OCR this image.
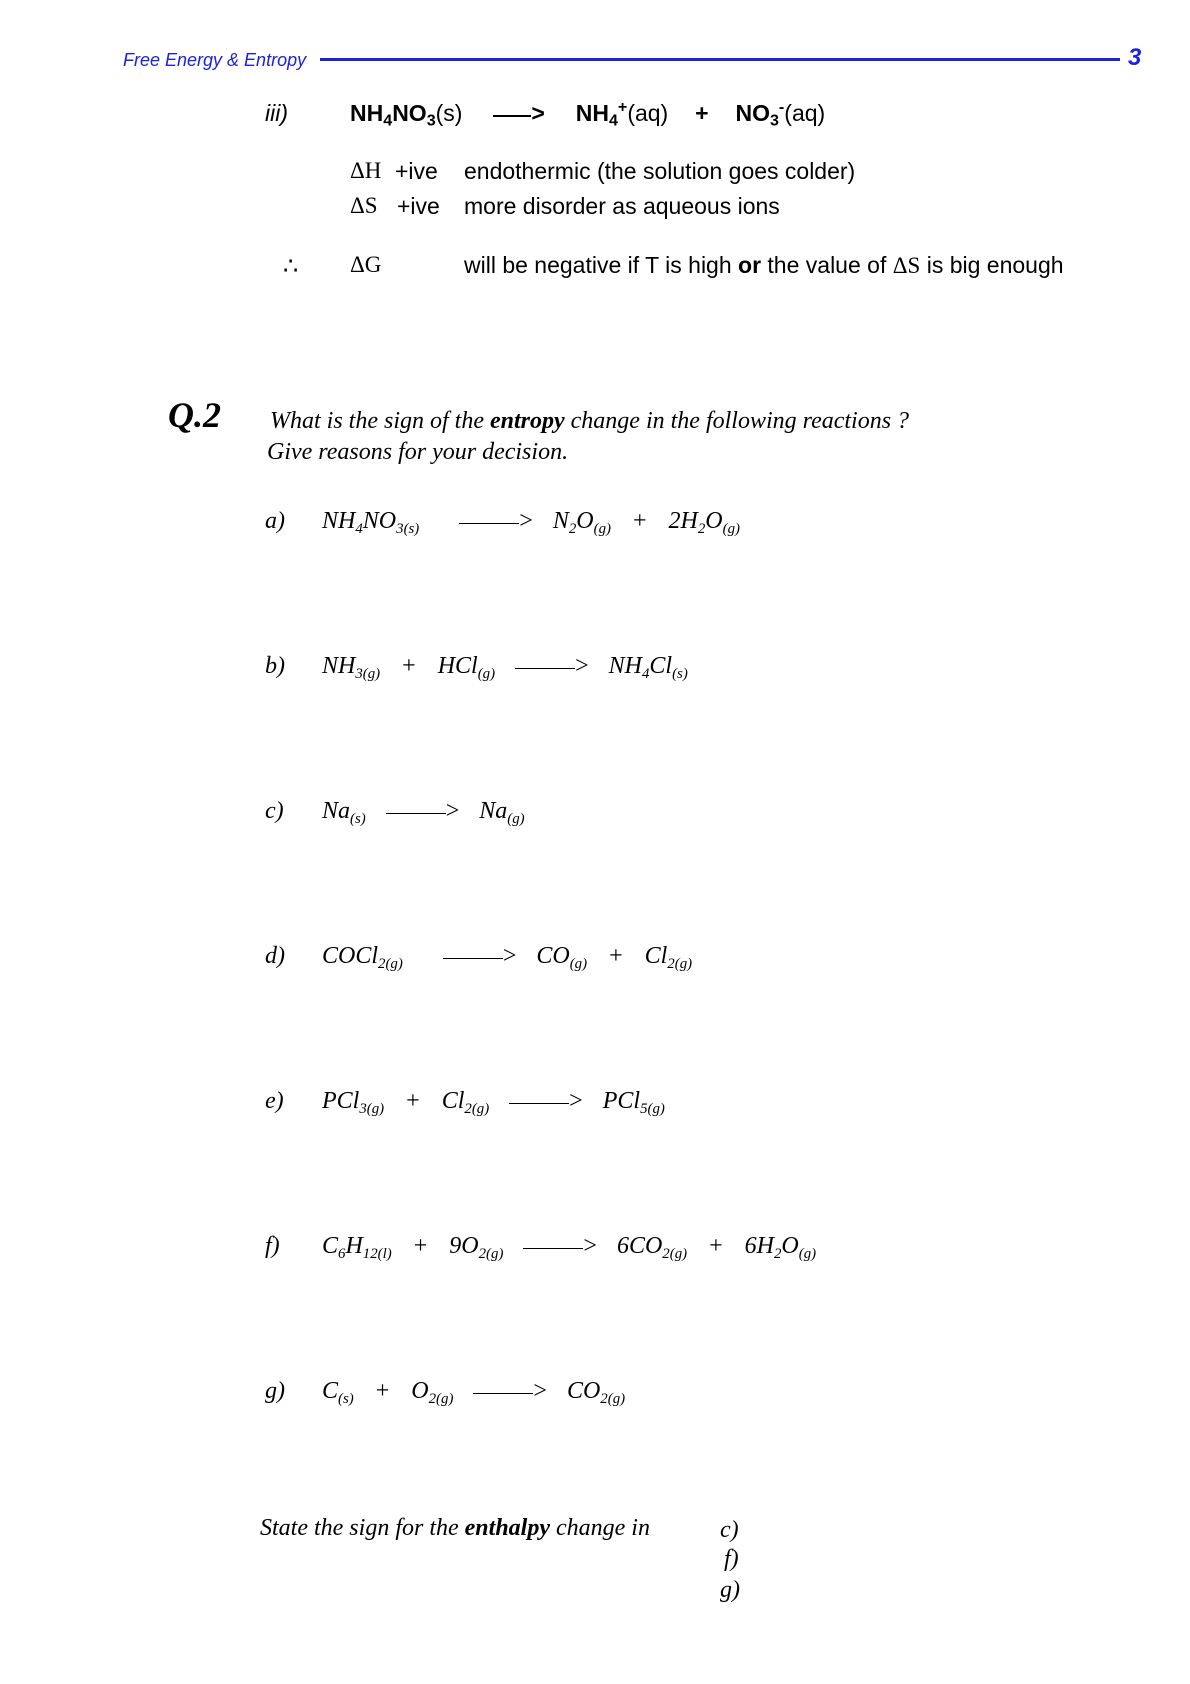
Free Energy & Entropy	3
iii)	$NH_4NO_3(s)$	> $NH_4^+(aq) + NO_3^-(aq)$
ΔH +ive endothermic (the solution goes colder)
ΔS +ive more disorder as aqueous ions
∴ ΔG	will be negative if T is high or the value of ΔS is big enough
Q.2 What is the sign of the entropy change in the following reactions ?
Give reasons for your decision.
a) $NH_4NO_{3(s)}$	> $N_2O_{(g)} + 2H_2O_{(g)}$
b) $NH_{3(g)} + HCl_{(g)}$	> $NH_4Cl_{(s)}$
c) $Na_{(s)}$	> $Na_{(g)}$
d) COCl$_{2(g)}$	> $CO_{(g)} + Cl_{2(g)}$
e) $PCl_{3(g)} + Cl_{2(g)}$	> PCl$_{5(g)}$
f) $C_6H_{12(l)} + 9O_{2(g)}$	> $6CO_{2(g)} + 6H_2O_{(g)}$
g) $C_{(s)} + O_{2(g)}$	> $CO_{2(g)}$
State the sign for the enthalpy change in	c)
f)
g)
